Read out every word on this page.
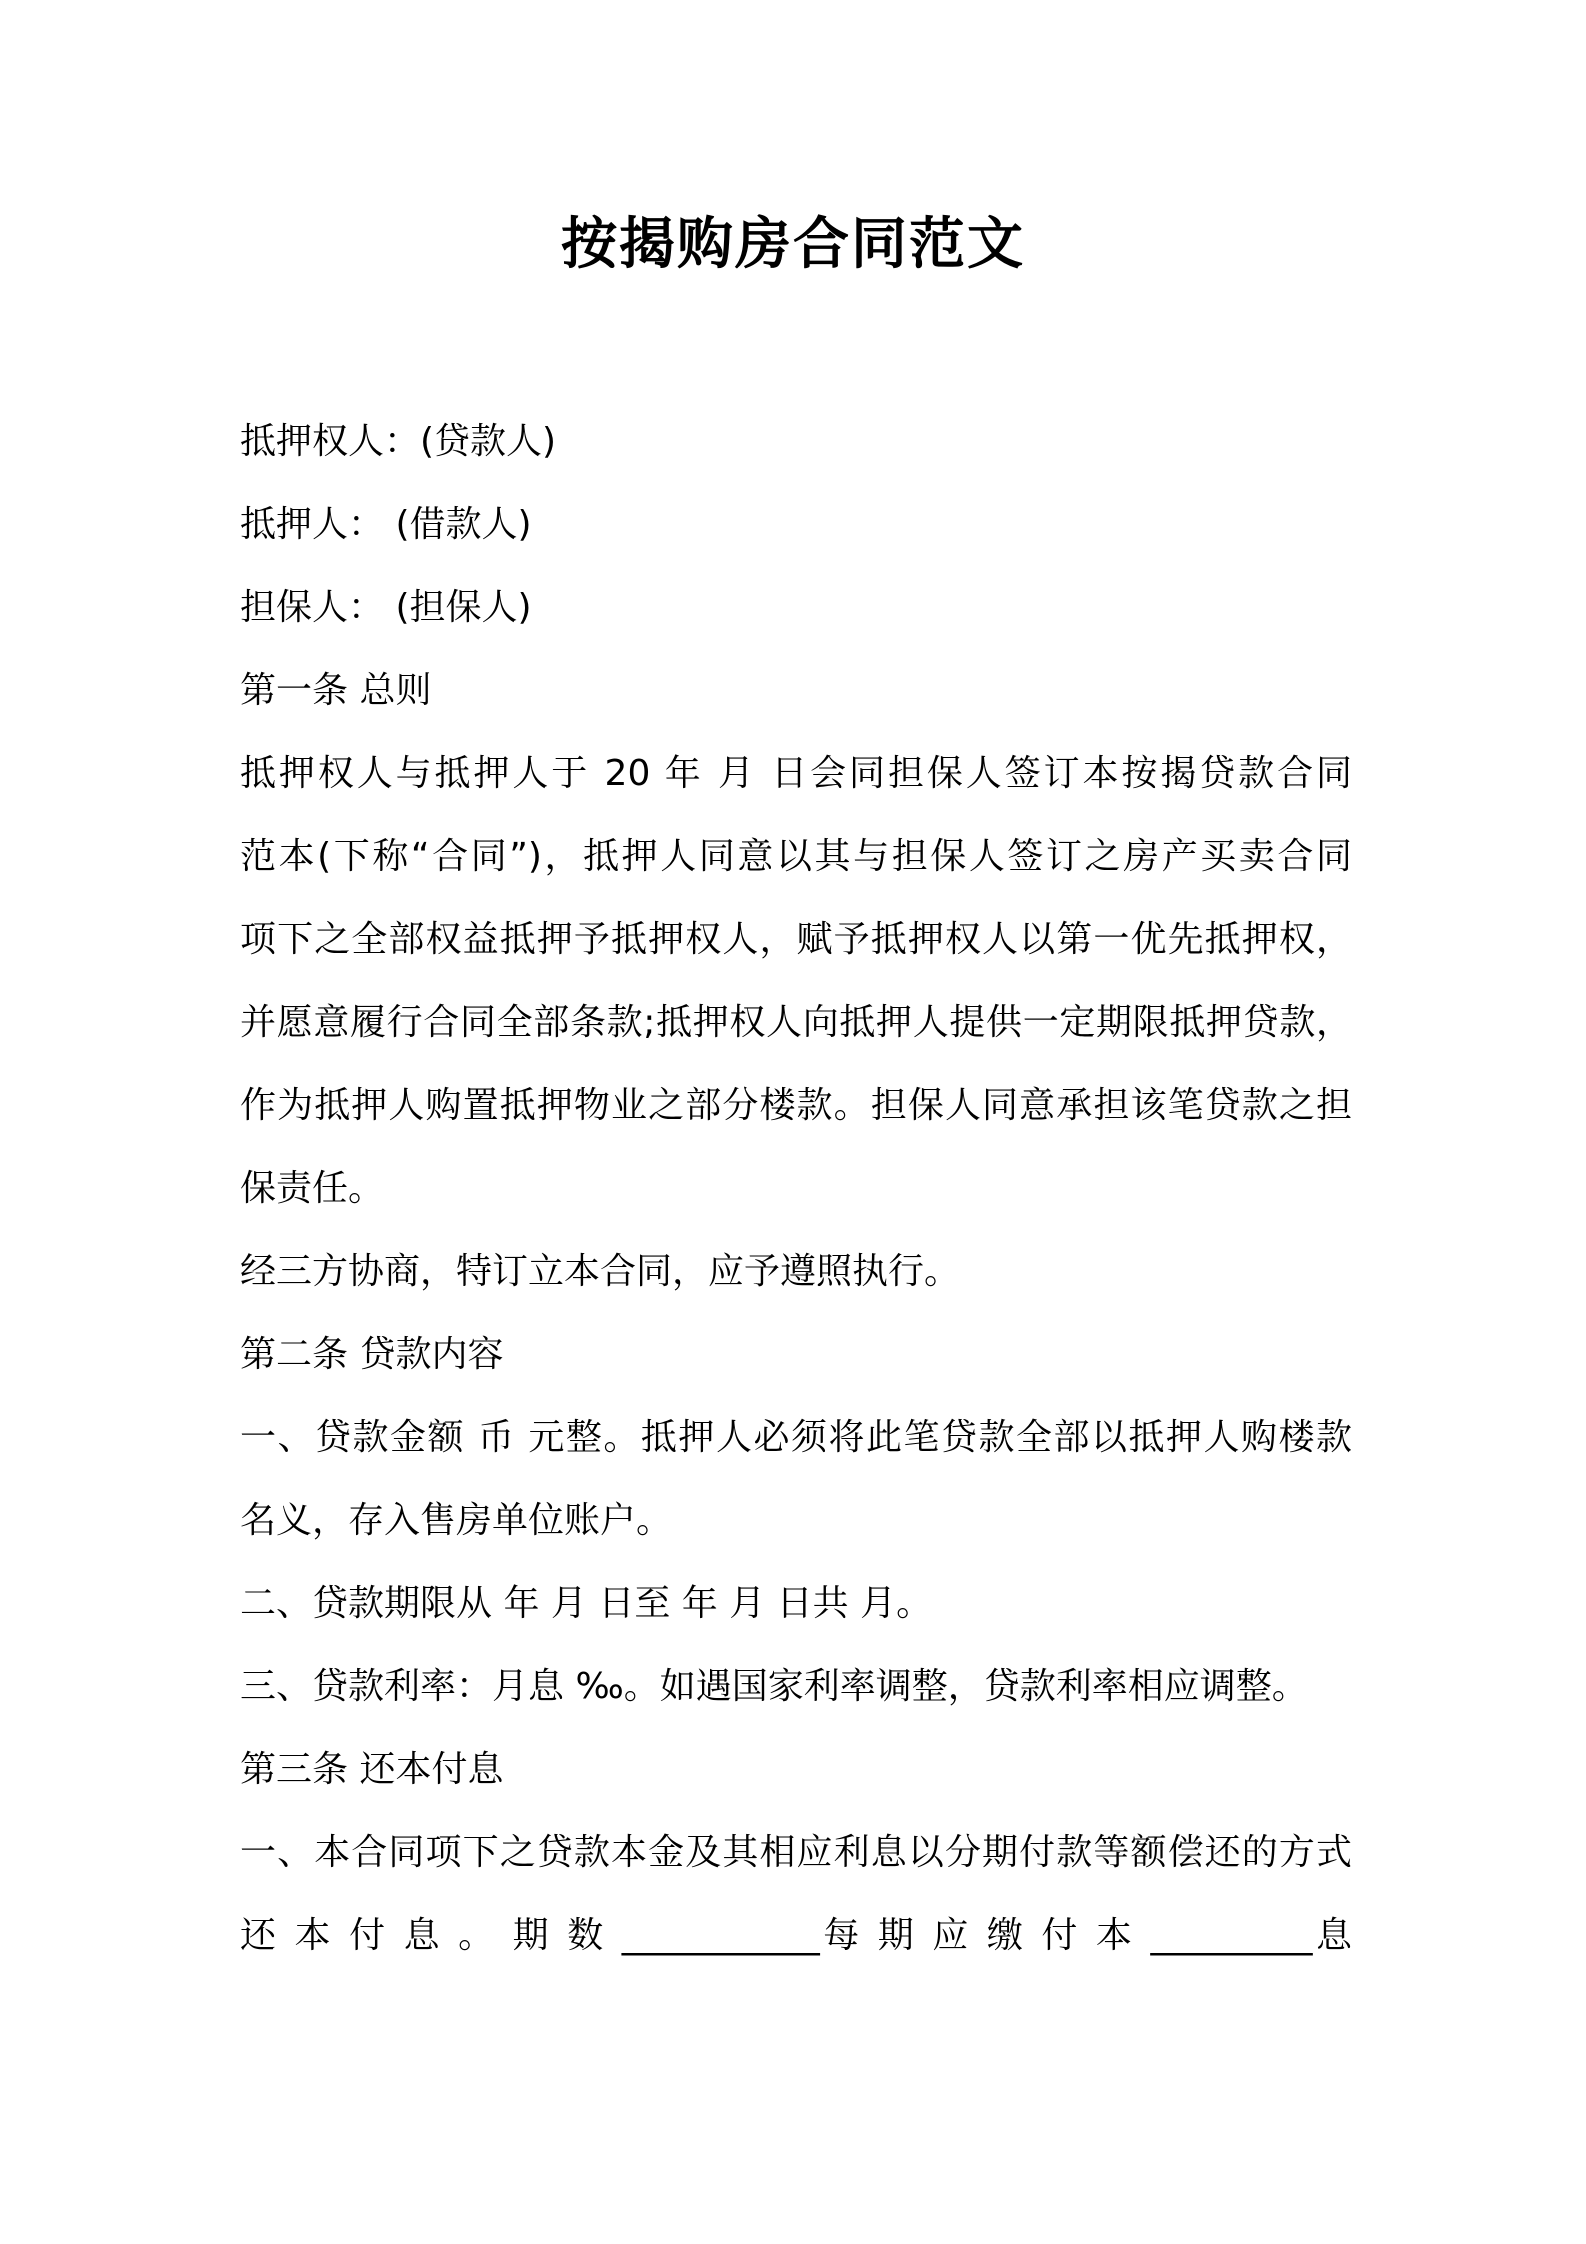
按揭购房合同范文
抵押权人：(贷款人)
抵押人： (借款人)
担保人： (担保人)
第一条 总则
抵押权人与抵押人于 20 年 月 日会同担保人签订本按揭贷款合同
范本(下称“合同”)，抵押人同意以其与担保人签订之房产买卖合同
项下之全部权益抵押予抵押权人，赋予抵押权人以第一优先抵押权，
并愿意履行合同全部条款;抵押权人向抵押人提供一定期限抵押贷款，
作为抵押人购置抵押物业之部分楼款。担保人同意承担该笔贷款之担
保责任。
经三方协商，特订立本合同，应予遵照执行。
第二条 贷款内容
一、贷款金额 币 元整。抵押人必须将此笔贷款全部以抵押人购楼款
名义，存入售房单位账户。
二、贷款期限从 年 月 日至 年 月 日共 月。
三、贷款利率：月息 ‰。如遇国家利率调整，贷款利率相应调整。
第三条 还本付息
一、本合同项下之贷款本金及其相应利息以分期付款等额偿还的方式
还 本 付 息 。 期 数 ___________每 期 应 缴 付 本 _________息
